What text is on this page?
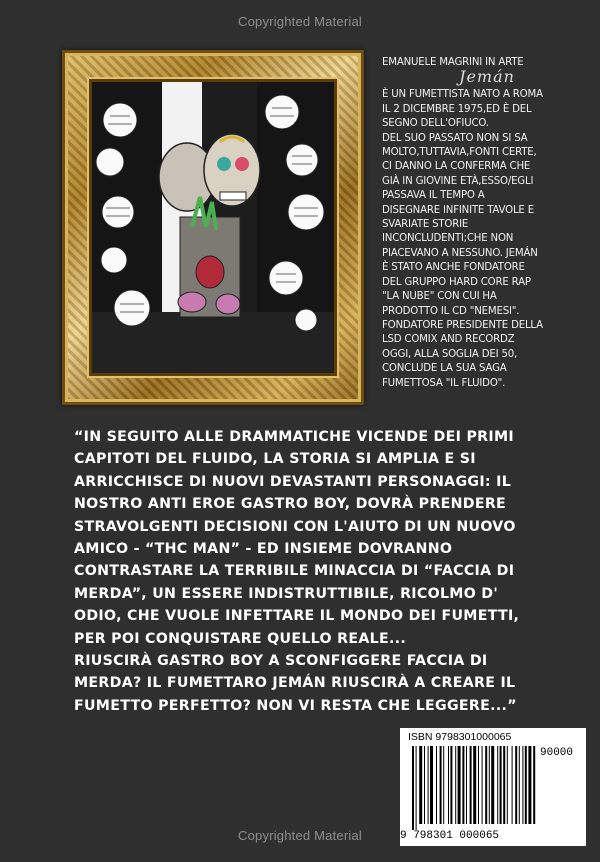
Copyrighted Material

EMANUELE MAGRINI IN ARTE

Jemán

È UN FUMETTISTA NATO A ROMA

IL 2 DICEMBRE 1975,ED È DEL

SEGNO DELL'OFIUCO.

DEL SUO PASSATO NON SI SA

MOLTO,TUTTAVIA,FONTI CERTE,

CI DANNO LA CONFERMA CHE

GIÀ IN GIOVINE ETÀ,ESSO/EGLI

PASSAVA IL TEMPO A

DISEGNARE INFINITE TAVOLE E

SVARIATE STORIE

INCONCLUDENTI;CHE NON

PIACEVANO A NESSUNO. JEMÁN

È STATO ANCHE FONDATORE

DEL GRUPPO HARD CORE RAP

"LA NUBE" CON CUI HA

PRODOTTO IL CD "NEMESI".

FONDATORE PRESIDENTE DELLA

LSD COMIX AND RECORDZ

OGGI, ALLA SOGLIA DEI 50,

CONCLUDE LA SUA SAGA

FUMETTOSA "IL FLUIDO".

“IN SEGUITO ALLE DRAMMATICHE VICENDE DEI PRIMI
CAPITOTI DEL FLUIDO, LA STORIA SI AMPLIA E SI
ARRICCHISCE DI NUOVI DEVASTANTI PERSONAGGI: IL
NOSTRO ANTI EROE GASTRO BOY, DOVRÀ PRENDERE
STRAVOLGENTI DECISIONI CON L'AIUTO DI UN NUOVO
AMICO - “THC MAN” - ED INSIEME DOVRANNO
CONTRASTARE LA TERRIBILE MINACCIA DI “FACCIA DI
MERDA”, UN ESSERE INDISTRUTTIBILE, RICOLMO D'
ODIO, CHE VUOLE INFETTARE IL MONDO DEI FUMETTI,
PER POI CONQUISTARE QUELLO REALE...
RIUSCIRÀ GASTRO BOY A SCONFIGGERE FACCIA DI
MERDA? IL FUMETTARO JEMÁN RIUSCIRÀ A CREARE IL
FUMETTO PERFETTO? NON VI RESTA CHE LEGGERE...”
ISBN 9798301000065
90000
9 798301 000065
Copyrighted Material
